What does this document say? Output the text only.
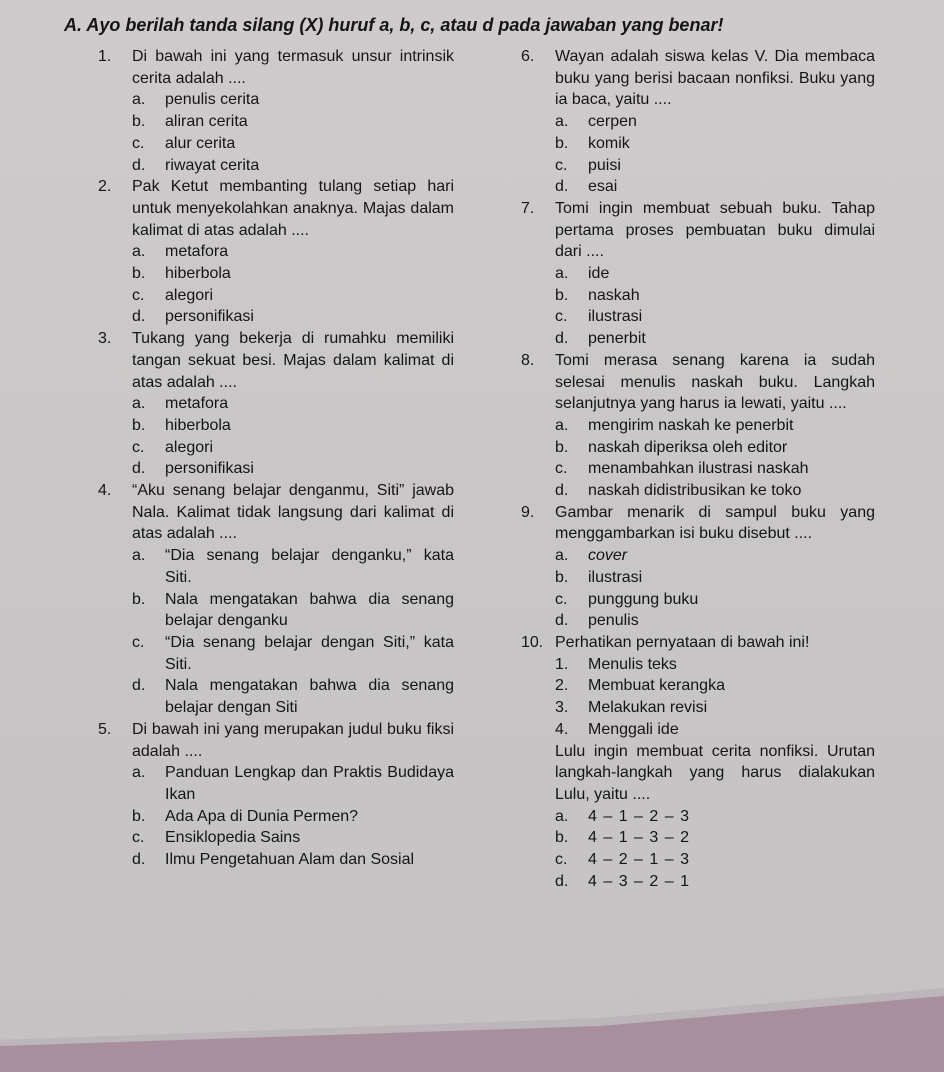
A. Ayo berilah tanda silang (X) huruf a, b, c, atau d pada jawaban yang benar!
1. Di bawah ini yang termasuk unsur intrinsik cerita adalah ....
a. penulis cerita
b. aliran cerita
c. alur cerita
d. riwayat cerita
2. Pak Ketut membanting tulang setiap hari untuk menyekolahkan anaknya. Majas dalam kalimat di atas adalah ....
a. metafora
b. hiberbola
c. alegori
d. personifikasi
3. Tukang yang bekerja di rumahku memiliki tangan sekuat besi. Majas dalam kalimat di atas adalah ....
a. metafora
b. hiberbola
c. alegori
d. personifikasi
4. “Aku senang belajar denganmu, Siti” jawab Nala. Kalimat tidak langsung dari kalimat di atas adalah ....
a. “Dia senang belajar denganku,” kata Siti.
b. Nala mengatakan bahwa dia senang belajar denganku
c. “Dia senang belajar dengan Siti,” kata Siti.
d. Nala mengatakan bahwa dia senang belajar dengan Siti
5. Di bawah ini yang merupakan judul buku fiksi adalah ....
a. Panduan Lengkap dan Praktis Budidaya Ikan
b. Ada Apa di Dunia Permen?
c. Ensiklopedia Sains
d. Ilmu Pengetahuan Alam dan Sosial
6. Wayan adalah siswa kelas V. Dia membaca buku yang berisi bacaan nonfiksi. Buku yang ia baca, yaitu ....
a. cerpen
b. komik
c. puisi
d. esai
7. Tomi ingin membuat sebuah buku. Tahap pertama proses pembuatan buku dimulai dari ....
a. ide
b. naskah
c. ilustrasi
d. penerbit
8. Tomi merasa senang karena ia sudah selesai menulis naskah buku. Langkah selanjutnya yang harus ia lewati, yaitu ....
a. mengirim naskah ke penerbit
b. naskah diperiksa oleh editor
c. menambahkan ilustrasi naskah
d. naskah didistribusikan ke toko
9. Gambar menarik di sampul buku yang menggambarkan isi buku disebut ....
a. cover
b. ilustrasi
c. punggung buku
d. penulis
10. Perhatikan pernyataan di bawah ini!
1. Menulis teks
2. Membuat kerangka
3. Melakukan revisi
4. Menggali ide
Lulu ingin membuat cerita nonfiksi. Urutan langkah-langkah yang harus dialakukan Lulu, yaitu ....
a. 4 – 1 – 2 – 3
b. 4 – 1 – 3 – 2
c. 4 – 2 – 1 – 3
d. 4 – 3 – 2 – 1
